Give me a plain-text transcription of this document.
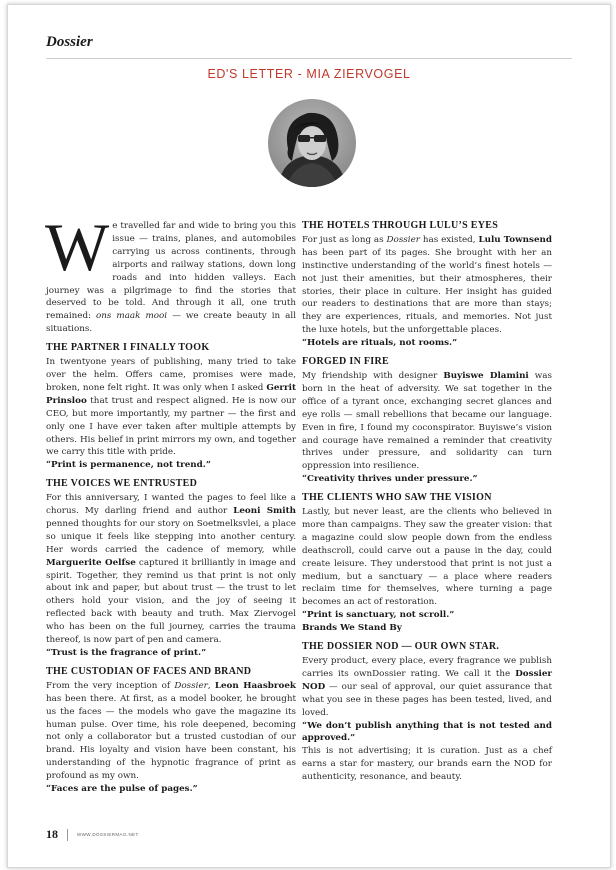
Dossier
ED'S LETTER - MIA ZIERVOGEL

We travelled far and wide to bring you this issue — trains, planes, and automobiles carrying us across continents, through airports and railway stations, down long roads and into hidden valleys. Each journey was a pilgrimage to find the stories that deserved to be told. And through it all, one truth remained: ons maak mooi — we create beauty in all situations.

THE PARTNER I FINALLY TOOK

In twentyone years of publishing, many tried to take over the helm. Offers came, promises were made, broken, none felt right. It was only when I asked Gerrit Prinsloo that trust and respect aligned. He is now our CEO, but more importantly, my partner — the first and only one I have ever taken after multiple attempts by others. His belief in print mirrors my own, and together we carry this title with pride.

“Print is permanence, not trend.”

THE VOICES WE ENTRUSTED

For this anniversary, I wanted the pages to feel like a chorus. My darling friend and author Leoni Smith penned thoughts for our story on Soetmelksvlei, a place so unique it feels like stepping into another century. Her words carried the cadence of memory, while Marguerite Oelfse captured it brilliantly in image and spirit. Together, they remind us that print is not only about ink and paper, but about trust — the trust to let others hold your vision, and the joy of seeing it reflected back with beauty and truth. Max Ziervogel who has been on the full journey, carries the trauma thereof, is now part of pen and camera.

“Trust is the fragrance of print.”

THE CUSTODIAN OF FACES AND BRAND

From the very inception of Dossier, Leon Haasbroek has been there. At first, as a model booker, he brought us the faces — the models who gave the magazine its human pulse. Over time, his role deepened, becoming not only a collaborator but a trusted custodian of our brand. His loyalty and vision have been constant, his understanding of the hypnotic fragrance of print as profound as my own.

“Faces are the pulse of pages.”

THE HOTELS THROUGH LULU’S EYES

For just as long as Dossier has existed, Lulu Townsend has been part of its pages. She brought with her an instinctive understanding of the world’s finest hotels — not just their amenities, but their atmospheres, their stories, their place in culture. Her insight has guided our readers to destinations that are more than stays; they are experiences, rituals, and memories. Not just the luxe hotels, but the unforgettable places.

“Hotels are rituals, not rooms.”

FORGED IN FIRE

My friendship with designer Buyiswe Dlamini was born in the heat of adversity. We sat together in the office of a tyrant once, exchanging secret glances and eye rolls — small rebellions that became our language. Even in fire, I found my coconspirator. Buyiswe’s vision and courage have remained a reminder that creativity thrives under pressure, and solidarity can turn oppression into resilience.

“Creativity thrives under pressure.”

THE CLIENTS WHO SAW THE VISION

Lastly, but never least, are the clients who believed in more than campaigns. They saw the greater vision: that a magazine could slow people down from the endless deathscroll, could carve out a pause in the day, could create leisure. They understood that print is not just a medium, but a sanctuary — a place where readers reclaim time for themselves, where turning a page becomes an act of restoration.

“Print is sanctuary, not scroll.”

Brands We Stand By

THE DOSSIER NOD — OUR OWN STAR.

Every product, every place, every fragrance we publish carries its ownDossier rating. We call it the Dossier NOD — our seal of approval, our quiet assurance that what you see in these pages has been tested, lived, and loved.

“We don’t publish anything that is not tested and approved.”

This is not advertising; it is curation. Just as a chef earns a star for mastery, our brands earn the NOD for authenticity, resonance, and beauty.

18	WWW.DOSSIERMAG.NET
